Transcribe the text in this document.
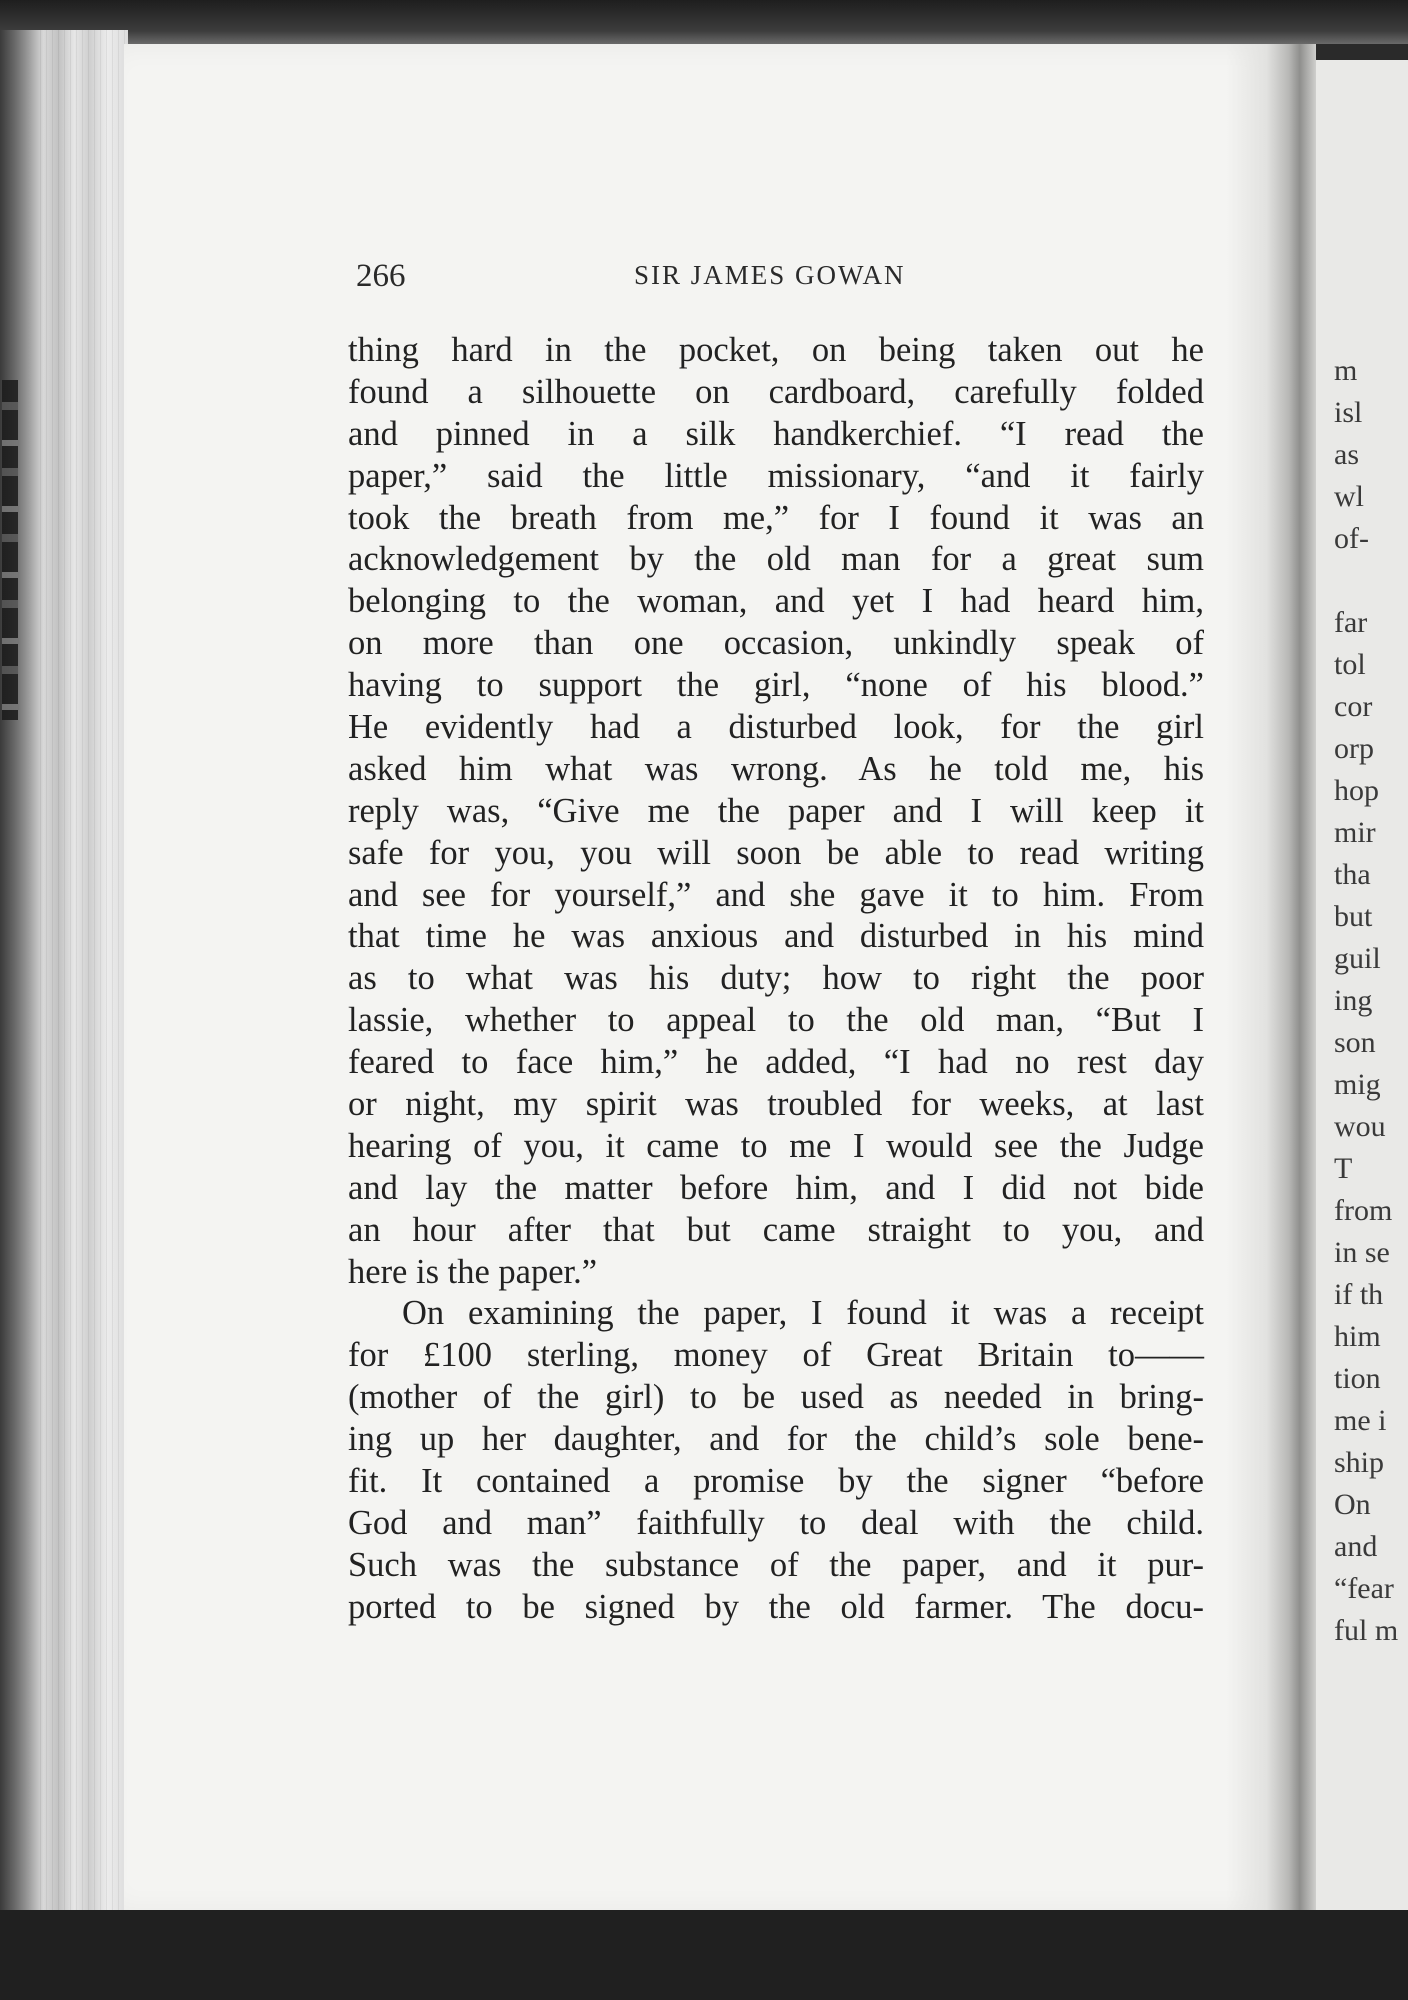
266	SIR JAMES GOWAN
thing hard in the pocket, on being taken out he
found a silhouette on cardboard, carefully folded
and pinned in a silk handkerchief. “I read the
paper,” said the little missionary, “and it fairly
took the breath from me,” for I found it was an
acknowledgement by the old man for a great sum
belonging to the woman, and yet I had heard him,
on more than one occasion, unkindly speak of
having to support the girl, “none of his blood.”
He evidently had a disturbed look, for the girl
asked him what was wrong. As he told me, his
reply was, “Give me the paper and I will keep it
safe for you, you will soon be able to read writing
and see for yourself,” and she gave it to him. From
that time he was anxious and disturbed in his mind
as to what was his duty; how to right the poor
lassie, whether to appeal to the old man, “But I
feared to face him,” he added, “I had no rest day
or night, my spirit was troubled for weeks, at last
hearing of you, it came to me I would see the Judge
and lay the matter before him, and I did not bide
an hour after that but came straight to you, and
here is the paper.”
On examining the paper, I found it was a receipt
for £100 sterling, money of Great Britain to——
(mother of the girl) to be used as needed in bring-
ing up her daughter, and for the child’s sole bene-
fit. It contained a promise by the signer “before
God and man” faithfully to deal with the child.
Such was the substance of the paper, and it pur-
ported to be signed by the old farmer. The docu-
m
isl
as
wl
of-
far
tol
cor
orp
hop
mir
tha
but
guil
ing
son
mig
wou
T
from
in se
if th
him
tion
me i
ship
On
and
“fear
ful m
